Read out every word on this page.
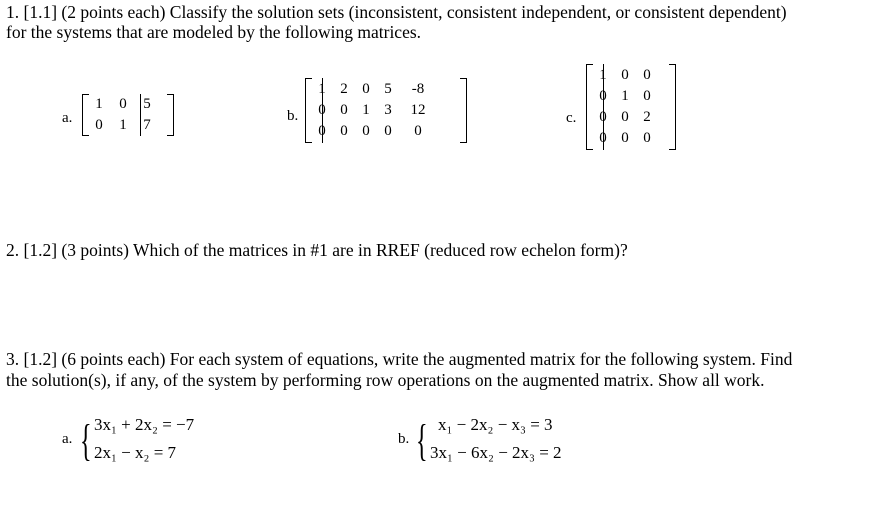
1. [1.1] (2 points each) Classify the solution sets (inconsistent, consistent independent, or consistent dependent)
for the systems that are modeled by the following matrices.
a.
1	0	5
0	1	7
b.
1 2 0 5	-8
0 0 1 3	12
0 0 0 0	0
c.
1 0 0
0 1 0
0 0 2
0 0 0
2. [1.2] (3 points) Which of the matrices in #1 are in RREF (reduced row echelon form)?
3. [1.2] (6 points each) For each system of equations, write the augmented matrix for the following system. Find
the solution(s), if any, of the system by performing row operations on the augmented matrix. Show all work.
a. { 3x₁ + 2x₂ = −7
2x₁ − x₂ = 7
b. { x₁ − 2x₂ − x₃ = 3
3x₁ − 6x₂ − 2x₃ = 2
